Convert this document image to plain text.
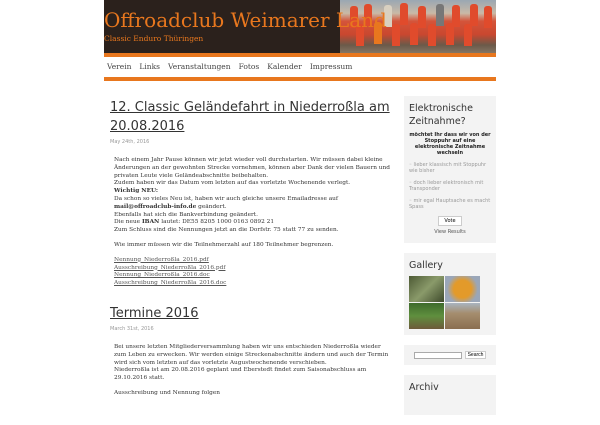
Offroadclub Weimarer Land
Classic Enduro Thüringen
Verein Links Veranstaltungen Fotos Kalender Impressum
12. Classic Geländefahrt in Niederroßla am 20.08.2016
May 24th, 2016

Nach einem Jahr Pause können wir jetzt wieder voll durchstarten. Wir müssen dabei kleine Änderungen an der gewohnten Strecke vornehmen, können aber Dank der vielen Bauern und privaten Leute viele Geländeabschnitte beibehalten.
Zudem haben wir das Datum vom letzten auf das vorletzte Wochenende verlegt.
Wichtig NEU:
Da schon so vieles Neu ist, haben wir auch gleiche unsere Emailadresse auf
mail@offroadclub-info.de geändert.
Ebenfalls hat sich die Bankverbindung geändert.
Die neue IBAN lautet: DE55 8205 1000 0163 0892 21
Zum Schluss sind die Nennungen jetzt an die Dorfstr. 75 statt 77 zu senden.

Wie immer müssen wir die Teilnehmerzahl auf 180 Teilnehmer begrenzen.

Nennung_Niederroßla_2016.pdf
Ausschreibung_Niederroßla_2016.pdf
Nennung_Niederroßla_2016.doc
Ausschreibung_Niederroßla_2016.doc

Termine 2016
March 31st, 2016

Bei unsere letzten Mitgliederversammlung haben wir uns entschieden Niederroßla wieder zum Leben zu erwecken. Wir werden einige Streckenabschnitte ändern und auch der Termin wird sich vom letzten auf das vorletzte Augustwochenende verschieben.
Niederroßla ist am 20.08.2016 geplant und Eberstedt findet zum Saisonabschluss am 29.10.2016 statt.

Ausschreibung und Nennung folgen

Elektronische Zeitnahme?
möchtet Ihr dass wir von der Stoppuhr auf eine elektronische Zeitnahme wechseln
◦ lieber klassisch mit Stoppuhr wie bisher
◦ doch lieber elektronisch mit Transponder
◦ mir egal Hauptsache es macht Spass
Vote
View Results
Gallery
Search
Archiv
